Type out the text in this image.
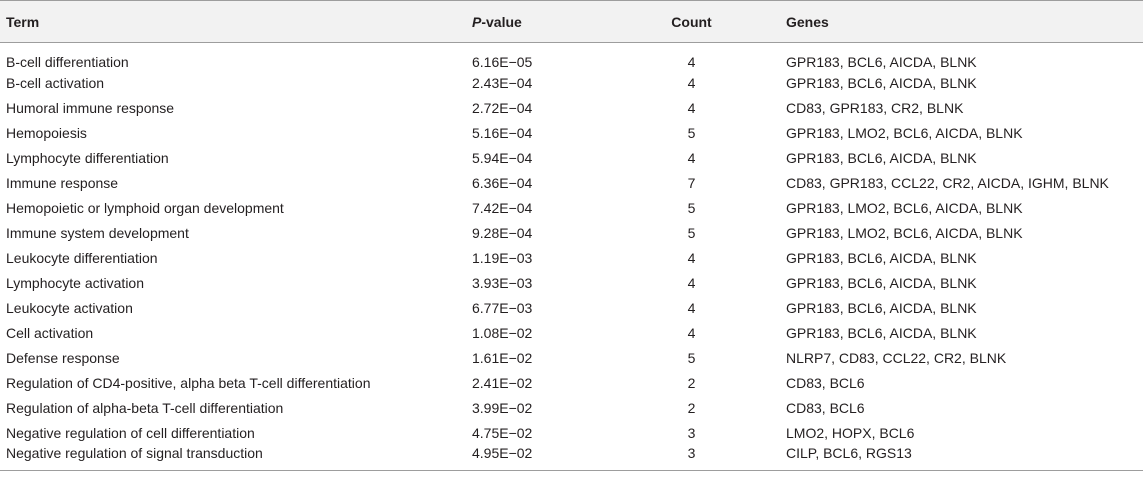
Term	P-value	Count	Genes
B-cell differentiation	6.16E−05	4	GPR183, BCL6, AICDA, BLNK
B-cell activation	2.43E−04	4	GPR183, BCL6, AICDA, BLNK
Humoral immune response	2.72E−04	4	CD83, GPR183, CR2, BLNK
Hemopoiesis	5.16E−04	5	GPR183, LMO2, BCL6, AICDA, BLNK
Lymphocyte differentiation	5.94E−04	4	GPR183, BCL6, AICDA, BLNK
Immune response	6.36E−04	7	CD83, GPR183, CCL22, CR2, AICDA, IGHM, BLNK
Hemopoietic or lymphoid organ development	7.42E−04	5	GPR183, LMO2, BCL6, AICDA, BLNK
Immune system development	9.28E−04	5	GPR183, LMO2, BCL6, AICDA, BLNK
Leukocyte differentiation	1.19E−03	4	GPR183, BCL6, AICDA, BLNK
Lymphocyte activation	3.93E−03	4	GPR183, BCL6, AICDA, BLNK
Leukocyte activation	6.77E−03	4	GPR183, BCL6, AICDA, BLNK
Cell activation	1.08E−02	4	GPR183, BCL6, AICDA, BLNK
Defense response	1.61E−02	5	NLRP7, CD83, CCL22, CR2, BLNK
Regulation of CD4-positive, alpha beta T-cell differentiation	2.41E−02	2	CD83, BCL6
Regulation of alpha-beta T-cell differentiation	3.99E−02	2	CD83, BCL6
Negative regulation of cell differentiation	4.75E−02	3	LMO2, HOPX, BCL6
Negative regulation of signal transduction	4.95E−02	3	CILP, BCL6, RGS13
